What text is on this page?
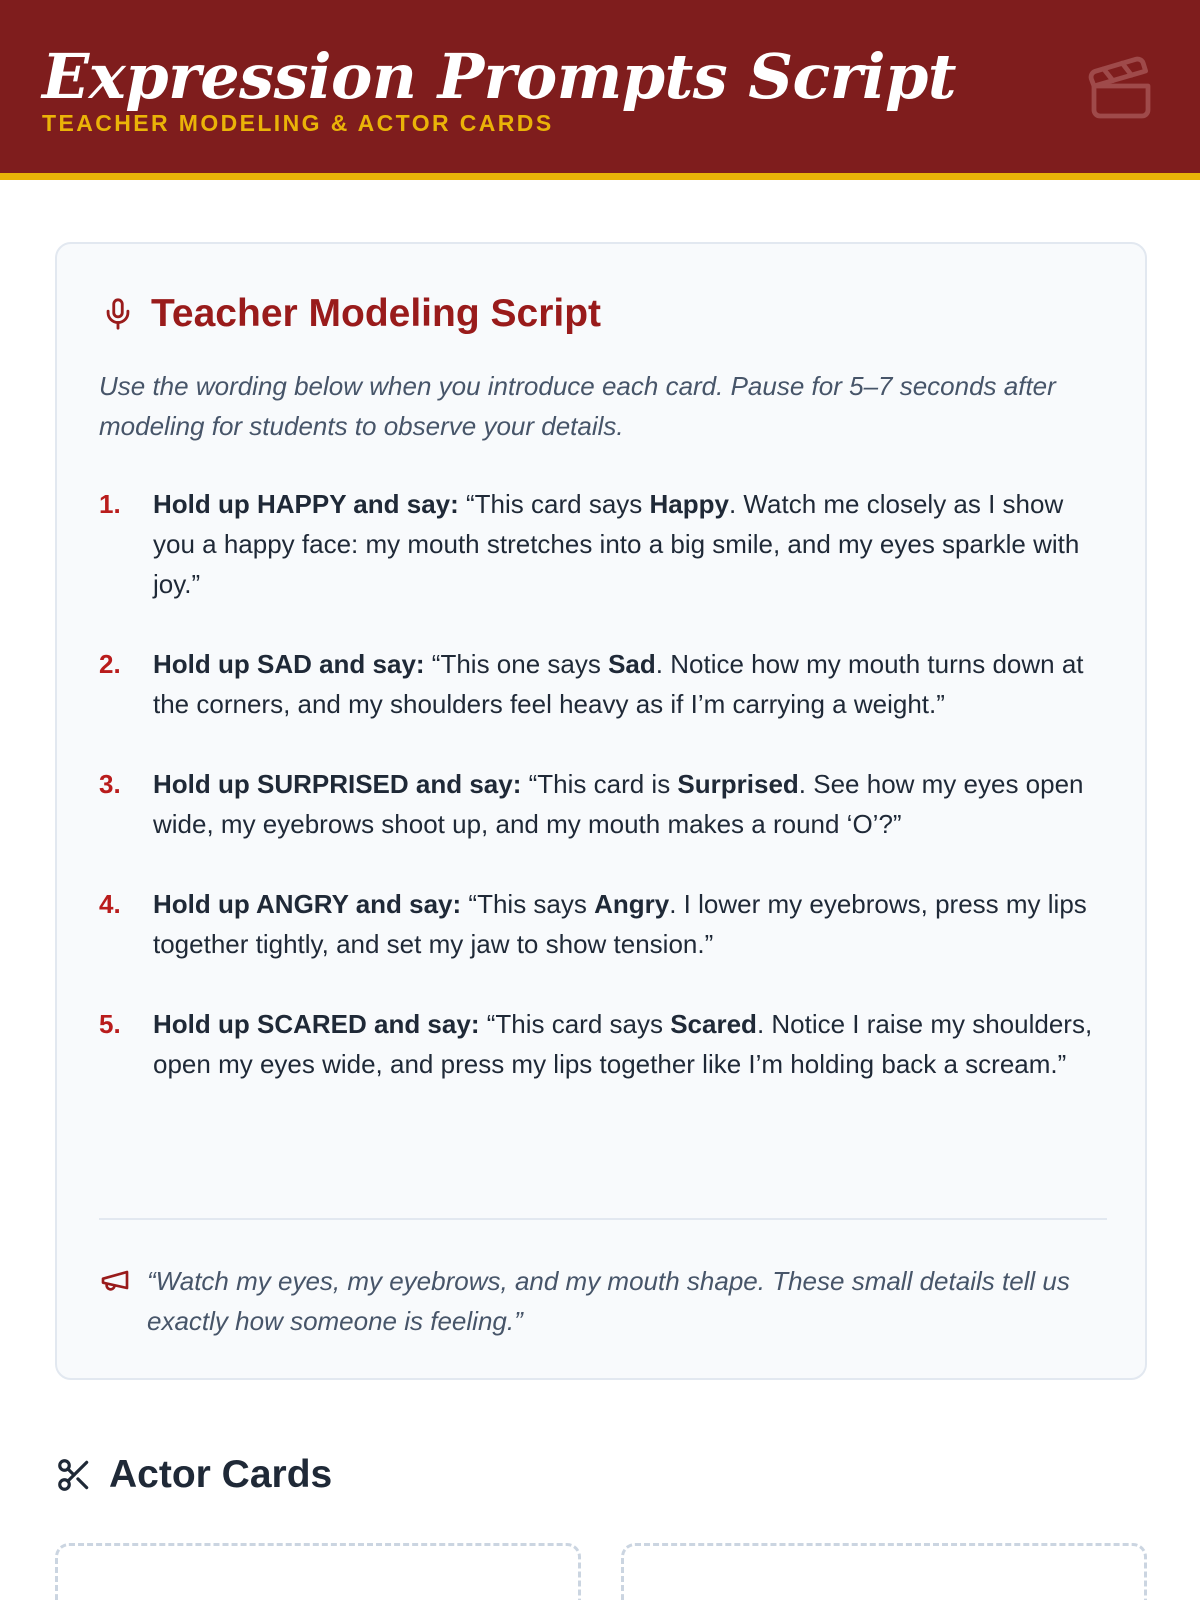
Expression Prompts Script
TEACHER MODELING & ACTOR CARDS
Teacher Modeling Script

Use the wording below when you introduce each card. Pause for 5–7 seconds after modeling for students to observe your details.

1.	Hold up HAPPY and say: “This card says Happy. Watch me closely as I show you a happy face: my mouth stretches into a big smile, and my eyes sparkle with joy.”
2.	Hold up SAD and say: “This one says Sad. Notice how my mouth turns down at the corners, and my shoulders feel heavy as if I’m carrying a weight.”
3.	Hold up SURPRISED and say: “This card is Surprised. See how my eyes open wide, my eyebrows shoot up, and my mouth makes a round ‘O’?”
4.	Hold up ANGRY and say: “This says Angry. I lower my eyebrows, press my lips together tightly, and set my jaw to show tension.”
5.	Hold up SCARED and say: “This card says Scared. Notice I raise my shoulders, open my eyes wide, and press my lips together like I’m holding back a scream.”

“Watch my eyes, my eyebrows, and my mouth shape. These small details tell us exactly how someone is feeling.”

Actor Cards
